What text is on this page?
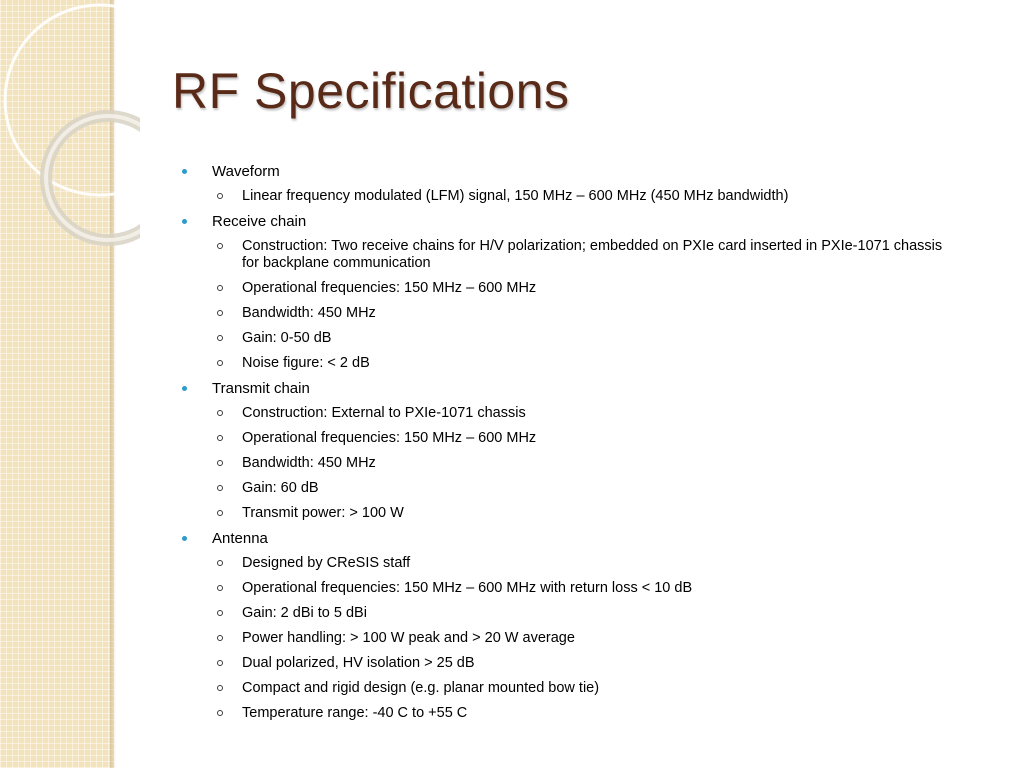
RF Specifications
Waveform
Linear frequency modulated (LFM) signal, 150 MHz – 600 MHz (450 MHz bandwidth)
Receive chain
Construction: Two receive chains for H/V polarization; embedded on PXIe card inserted in PXIe-1071 chassis for backplane communication
Operational frequencies: 150 MHz – 600 MHz
Bandwidth: 450 MHz
Gain: 0-50 dB
Noise figure: < 2 dB
Transmit chain
Construction: External to PXIe-1071 chassis
Operational frequencies: 150 MHz – 600 MHz
Bandwidth: 450 MHz
Gain: 60 dB
Transmit power: > 100 W
Antenna
Designed by CReSIS staff
Operational frequencies: 150 MHz – 600 MHz with return loss < 10 dB
Gain: 2 dBi to 5 dBi
Power handling: > 100 W peak and > 20 W average
Dual polarized, HV isolation > 25 dB
Compact and rigid design (e.g. planar mounted bow tie)
Temperature range: -40 C to +55 C
